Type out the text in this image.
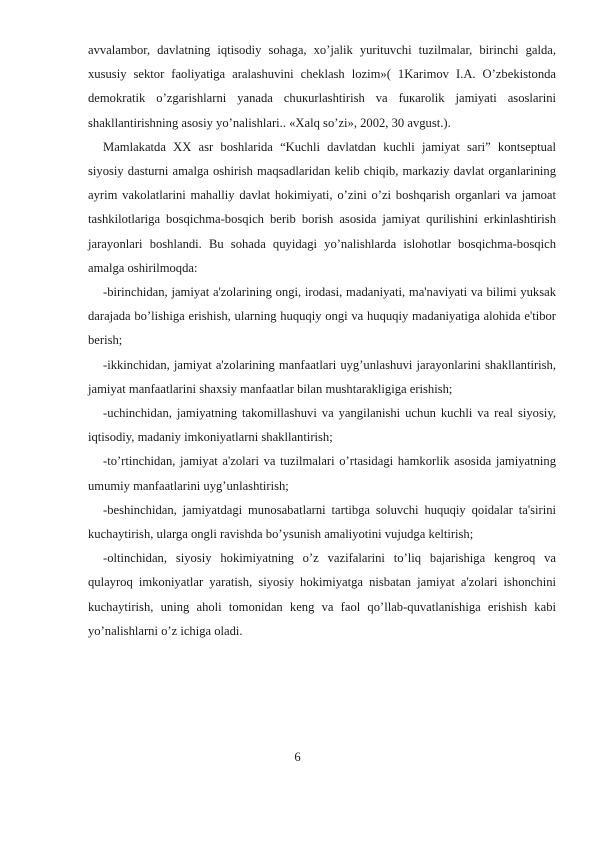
avvalambor, davlatning iqtisodiy sohaga, xo’jalik yurituvchi tuzilmalar, birinchi galda, xususiy sektor faoliyatiga aralashuvini cheklash lozim»( 1Karimov I.A. O’zbekistonda demokratik o’zgarishlarni yanada chuкurlashtirish va fuкarolik jamiyati asoslarini shakllantirishning asosiy yo’nalishlari.. «Xalq so’zi», 2002, 30 avgust.).

Mamlakatda XX asr boshlarida “Kuchli davlatdan kuchli jamiyat sari” kontseptual siyosiy dasturni amalga oshirish maqsadlaridan kelib chiqib, markaziy davlat organlarining ayrim vakolatlarini mahalliy davlat hokimiyati, o’zini o’zi boshqarish organlari va jamoat tashkilotlariga bosqichma-bosqich berib borish asosida jamiyat qurilishini erkinlashtirish jarayonlari boshlandi. Bu sohada quyidagi yo’nalishlarda islohotlar bosqichma-bosqich amalga oshirilmoqda:

-birinchidan, jamiyat a'zolarining ongi, irodasi, madaniyati, ma'naviyati va bilimi yuksak darajada bo’lishiga erishish, ularning huquqiy ongi va huquqiy madaniyatiga alohida e'tibor berish;

-ikkinchidan, jamiyat a'zolarining manfaatlari uyg’unlashuvi jarayonlarini shakllantirish, jamiyat manfaatlarini shaxsiy manfaatlar bilan mushtarakligiga erishish;

-uchinchidan, jamiyatning takomillashuvi va yangilanishi uchun kuchli va real siyosiy, iqtisodiy, madaniy imkoniyatlarni shakllantirish;

-to’rtinchidan, jamiyat a'zolari va tuzilmalari o’rtasidagi hamkorlik asosida jamiyatning umumiy manfaatlarini uyg’unlashtirish;

-beshinchidan, jamiyatdagi munosabatlarni tartibga soluvchi huquqiy qoidalar ta'sirini kuchaytirish, ularga ongli ravishda bo’ysunish amaliyotini vujudga keltirish;

-oltinchidan, siyosiy hokimiyatning o’z vazifalarini to’liq bajarishiga kengroq va qulayroq imkoniyatlar yaratish, siyosiy hokimiyatga nisbatan jamiyat a'zolari ishonchini kuchaytirish, uning aholi tomonidan keng va faol qo’llab-quvatlanishiga erishish kabi yo’nalishlarni o’z ichiga oladi.

6
